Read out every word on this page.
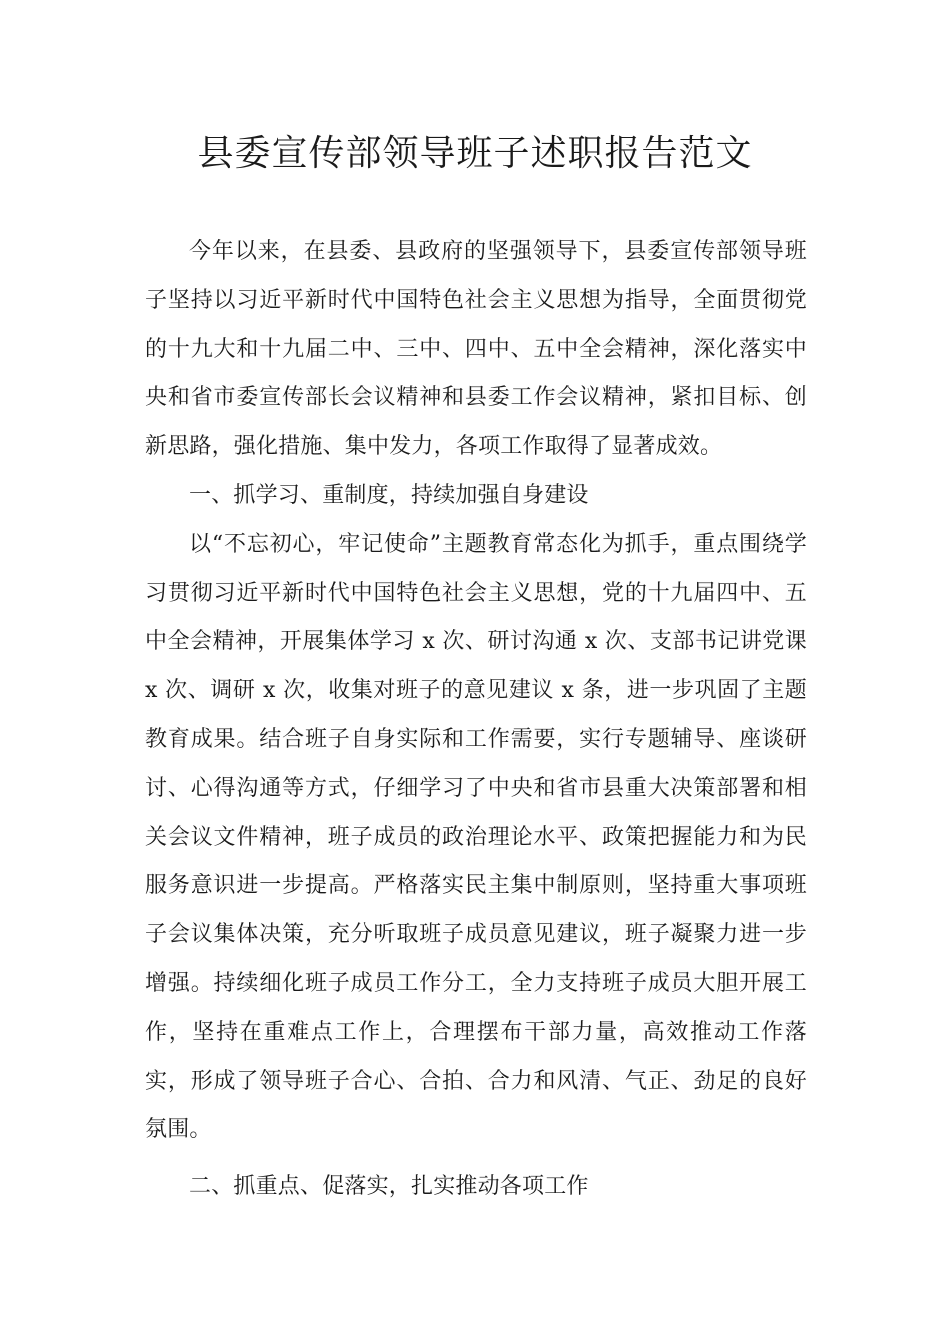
县委宣传部领导班子述职报告范文

今年以来，在县委、县政府的坚强领导下，县委宣传部领导班子坚持以习近平新时代中国特色社会主义思想为指导，全面贯彻党的十九大和十九届二中、三中、四中、五中全会精神，深化落实中央和省市委宣传部长会议精神和县委工作会议精神，紧扣目标、创新思路，强化措施、集中发力，各项工作取得了显著成效。

一、抓学习、重制度，持续加强自身建设

以“不忘初心，牢记使命”主题教育常态化为抓手，重点围绕学习贯彻习近平新时代中国特色社会主义思想，党的十九届四中、五中全会精神，开展集体学习 x 次、研讨沟通 x 次、支部书记讲党课 x 次、调研 x 次，收集对班子的意见建议 x 条，进一步巩固了主题教育成果。结合班子自身实际和工作需要，实行专题辅导、座谈研讨、心得沟通等方式，仔细学习了中央和省市县重大决策部署和相关会议文件精神，班子成员的政治理论水平、政策把握能力和为民服务意识进一步提高。严格落实民主集中制原则，坚持重大事项班子会议集体决策，充分听取班子成员意见建议，班子凝聚力进一步增强。持续细化班子成员工作分工，全力支持班子成员大胆开展工作，坚持在重难点工作上，合理摆布干部力量，高效推动工作落实，形成了领导班子合心、合拍、合力和风清、气正、劲足的良好氛围。

二、抓重点、促落实，扎实推动各项工作
